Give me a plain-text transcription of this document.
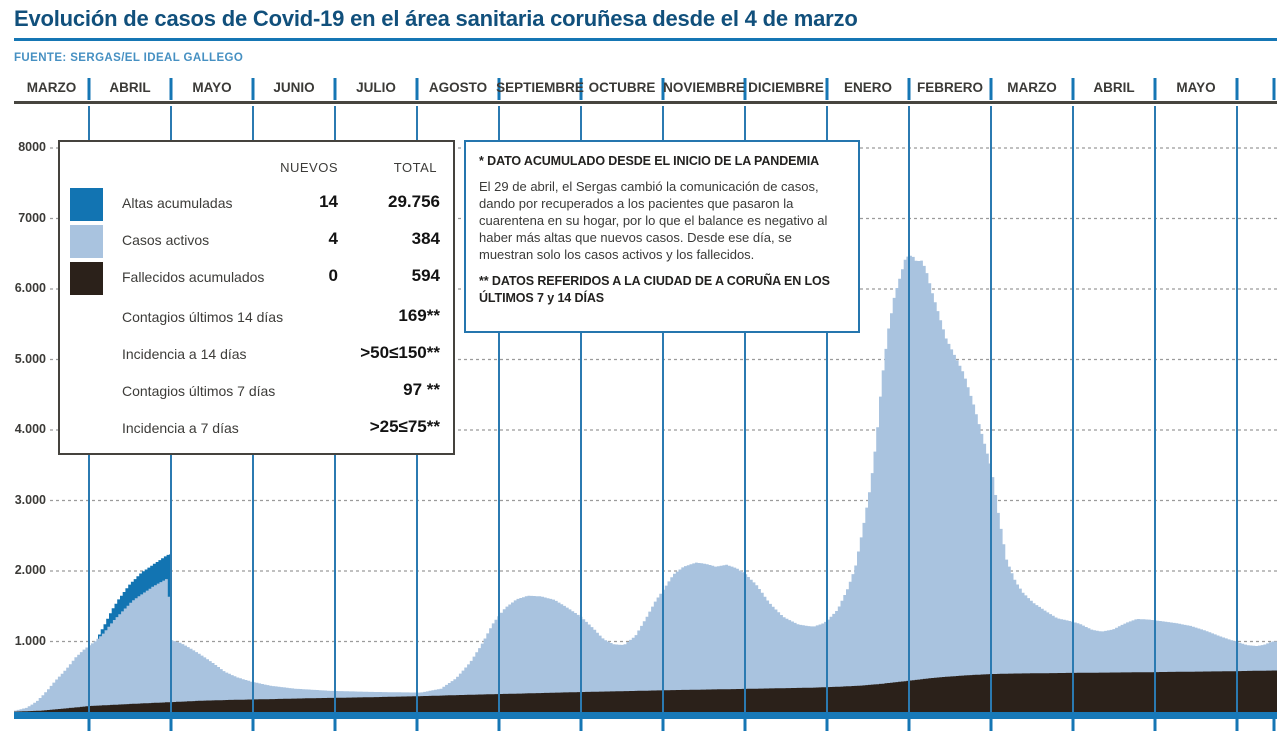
Evolución de casos de Covid-19 en el área sanitaria coruñesa desde el 4 de marzo
FUENTE: SERGAS/EL IDEAL GALLEGO
MARZO ABRIL	MAYO	JUNIO	JULIO AGOSTO SEPTIEMBRE OCTUBRE NOVIEMBRE DICIEMBRE ENERO FEBRERO MARZO	ABRIL	MAYO
8000
7000
6.000
5.000
4.000
3.000
2.000
1.000
NUEVOS	TOTAL
Altas acumuladas	14	29.756
Casos activos	4	384
Fallecidos acumulados	0	594
Contagios últimos 14 días	169**
Incidencia a 14 días	>50≤150**
Contagios últimos 7 días	97 **
Incidencia a 7 días	>25≤75**
* DATO ACUMULADO DESDE EL INICIO DE LA PANDEMIA
El 29 de abril, el Sergas cambió la comunicación de casos, dando por recuperados a los pacientes que pasaron la cuarentena en su hogar, por lo que el balance es negativo al haber más altas que nuevos casos. Desde ese día, se muestran solo los casos activos y los fallecidos.
** DATOS REFERIDOS A LA CIUDAD DE A CORUÑA EN LOS ÚLTIMOS 7 y 14 DÍAS
